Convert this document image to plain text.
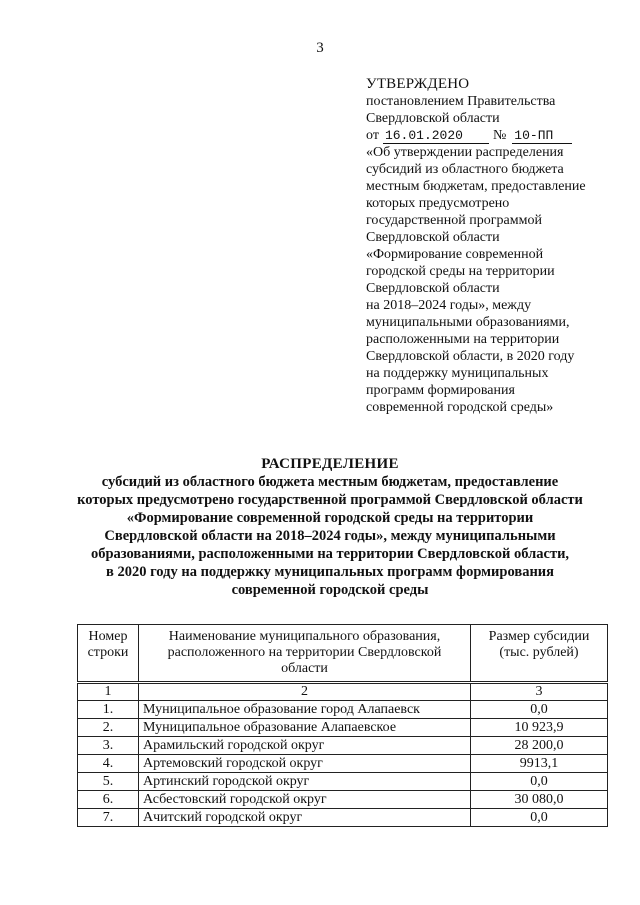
3
УТВЕРЖДЕНО
постановлением Правительства
Свердловской области
от 16.01.2020 № 10-ПП
«Об утверждении распределения
субсидий из областного бюджета
местным бюджетам, предоставление
которых предусмотрено
государственной программой
Свердловской области
«Формирование современной
городской среды на территории
Свердловской области
на 2018–2024 годы», между
муниципальными образованиями,
расположенными на территории
Свердловской области, в 2020 году
на поддержку муниципальных
программ формирования
современной городской среды»
РАСПРЕДЕЛЕНИЕ
субсидий из областного бюджета местным бюджетам, предоставление
которых предусмотрено государственной программой Свердловской области
«Формирование современной городской среды на территории
Свердловской области на 2018–2024 годы», между муниципальными
образованиями, расположенными на территории Свердловской области,
в 2020 году на поддержку муниципальных программ формирования
современной городской среды
Номер строки	Наименование муниципального образования, расположенного на территории Свердловской области	Размер субсидии (тыс. рублей)
1	2	3
1.	Муниципальное образование город Алапаевск	0,0
2.	Муниципальное образование Алапаевское	10 923,9
3.	Арамильский городской округ	28 200,0
4.	Артемовский городской округ	9913,1
5.	Артинский городской округ	0,0
6.	Асбестовский городской округ	30 080,0
7.	Ачитский городской округ	0,0
